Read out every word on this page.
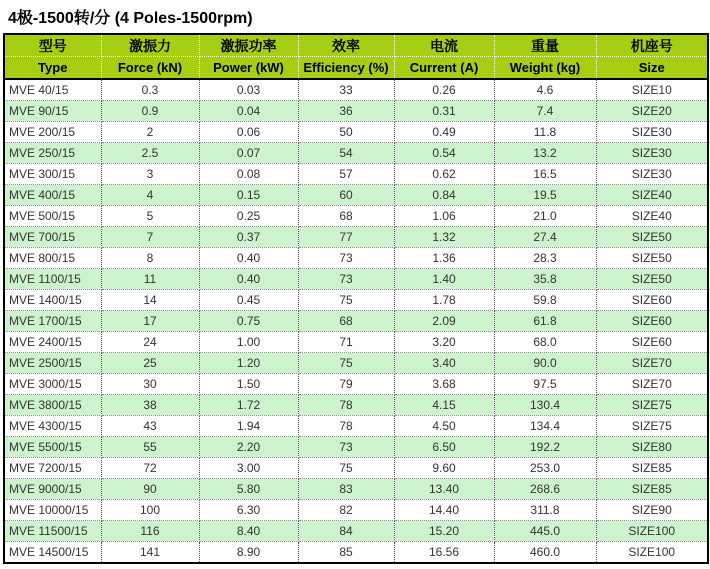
4极-1500转/分 (4 Poles-1500rpm)
型号	激振力	激振功率	效率	电流	重量	机座号
Type	Force (kN)	Power (kW)	Efficiency (%)	Current (A)	Weight (kg)	Size
MVE 40/15	0.3	0.03	33	0.26	4.6	SIZE10
MVE 90/15	0.9	0.04	36	0.31	7.4	SIZE20
MVE 200/15	2	0.06	50	0.49	11.8	SIZE30
MVE 250/15	2.5	0.07	54	0.54	13.2	SIZE30
MVE 300/15	3	0.08	57	0.62	16.5	SIZE30
MVE 400/15	4	0.15	60	0.84	19.5	SIZE40
MVE 500/15	5	0.25	68	1.06	21.0	SIZE40
MVE 700/15	7	0.37	77	1.32	27.4	SIZE50
MVE 800/15	8	0.40	73	1.36	28.3	SIZE50
MVE 1100/15	11	0.40	73	1.40	35.8	SIZE50
MVE 1400/15	14	0.45	75	1.78	59.8	SIZE60
MVE 1700/15	17	0.75	68	2.09	61.8	SIZE60
MVE 2400/15	24	1.00	71	3.20	68.0	SIZE60
MVE 2500/15	25	1.20	75	3.40	90.0	SIZE70
MVE 3000/15	30	1.50	79	3.68	97.5	SIZE70
MVE 3800/15	38	1.72	78	4.15	130.4	SIZE75
MVE 4300/15	43	1.94	78	4.50	134.4	SIZE75
MVE 5500/15	55	2.20	73	6.50	192.2	SIZE80
MVE 7200/15	72	3.00	75	9.60	253.0	SIZE85
MVE 9000/15	90	5.80	83	13.40	268.6	SIZE85
MVE 10000/15	100	6.30	82	14.40	311.8	SIZE90
MVE 11500/15	116	8.40	84	15.20	445.0	SIZE100
MVE 14500/15	141	8.90	85	16.56	460.0	SIZE100
